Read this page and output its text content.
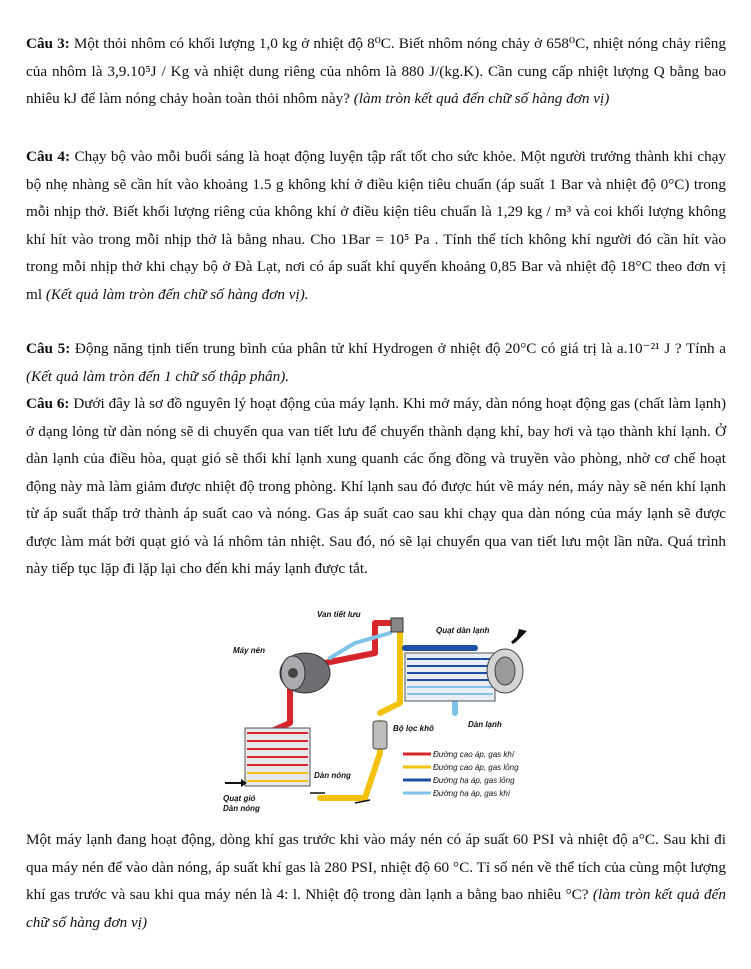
Câu 3: Một thỏi nhôm có khối lượng 1,0 kg ở nhiệt độ 8⁰C. Biết nhôm nóng chảy ở 658⁰C, nhiệt nóng chảy riêng của nhôm là 3,9.10⁵J / Kg và nhiệt dung riêng của nhôm là 880 J/(kg.K). Cần cung cấp nhiệt lượng Q bằng bao nhiêu kJ để làm nóng chảy hoàn toàn thỏi nhôm này? (làm tròn kết quả đến chữ số hàng đơn vị)
Câu 4: Chạy bộ vào mỗi buổi sáng là hoạt động luyện tập rất tốt cho sức khỏe. Một người trưởng thành khi chạy bộ nhẹ nhàng sẽ cần hít vào khoảng 1.5 g không khí ở điều kiện tiêu chuẩn (áp suất 1 Bar và nhiệt độ 0°C) trong mỗi nhịp thở. Biết khối lượng riêng của không khí ở điều kiện tiêu chuẩn là 1,29 kg / m³ và coi khối lượng không khí hít vào trong mỗi nhịp thở là bằng nhau. Cho 1Bar = 10⁵ Pa . Tính thể tích không khí người đó cần hít vào trong mỗi nhịp thở khi chạy bộ ở Đà Lạt, nơi có áp suất khí quyển khoảng 0,85 Bar và nhiệt độ 18°C theo đơn vị ml (Kết quả làm tròn đến chữ số hàng đơn vị).
Câu 5: Động năng tịnh tiến trung bình của phân tử khí Hydrogen ở nhiệt độ 20°C có giá trị là a.10⁻²¹ J ? Tính a (Kết quả làm tròn đến 1 chữ số thập phân).
Câu 6: Dưới đây là sơ đồ nguyên lý hoạt động của máy lạnh. Khi mở máy, dàn nóng hoạt động gas (chất làm lạnh) ở dạng lỏng từ dàn nóng sẽ di chuyển qua van tiết lưu để chuyển thành dạng khí, bay hơi và tạo thành khí lạnh. Ở dàn lạnh của điều hòa, quạt gió sẽ thổi khí lạnh xung quanh các ống đồng và truyền vào phòng, nhờ cơ chế hoạt động này mà làm giảm được nhiệt độ trong phòng. Khí lạnh sau đó được hút về máy nén, máy này sẽ nén khí lạnh từ áp suất thấp trở thành áp suất cao và nóng. Gas áp suất cao sau khi chạy qua dàn nóng của máy lạnh sẽ được được làm mát bởi quạt gió và lá nhôm tản nhiệt. Sau đó, nó sẽ lại chuyển qua van tiết lưu một lần nữa. Quá trình này tiếp tục lặp đi lặp lại cho đến khi máy lạnh được tắt.
Van tiết lưu
Máy nén
Quạt dàn lạnh
Bộ lọc khô	Dàn lạnh
Dàn nóng
Quạt gió
Dàn nóng
Đường cao áp, gas khí
Đường cao áp, gas lỏng
Đường hạ áp, gas lỏng
Đường hạ áp, gas khí
Một máy lạnh đang hoạt động, dòng khí gas trước khi vào máy nén có áp suất 60 PSI và nhiệt độ a°C. Sau khi đi qua máy nén để vào dàn nóng, áp suất khí gas là 280 PSI, nhiệt độ 60 °C. Tỉ số nén về thể tích của cùng một lượng khí gas trước và sau khi qua máy nén là 4: l. Nhiệt độ trong dàn lạnh a bằng bao nhiêu °C? (làm tròn kết quả đến chữ số hàng đơn vị)
